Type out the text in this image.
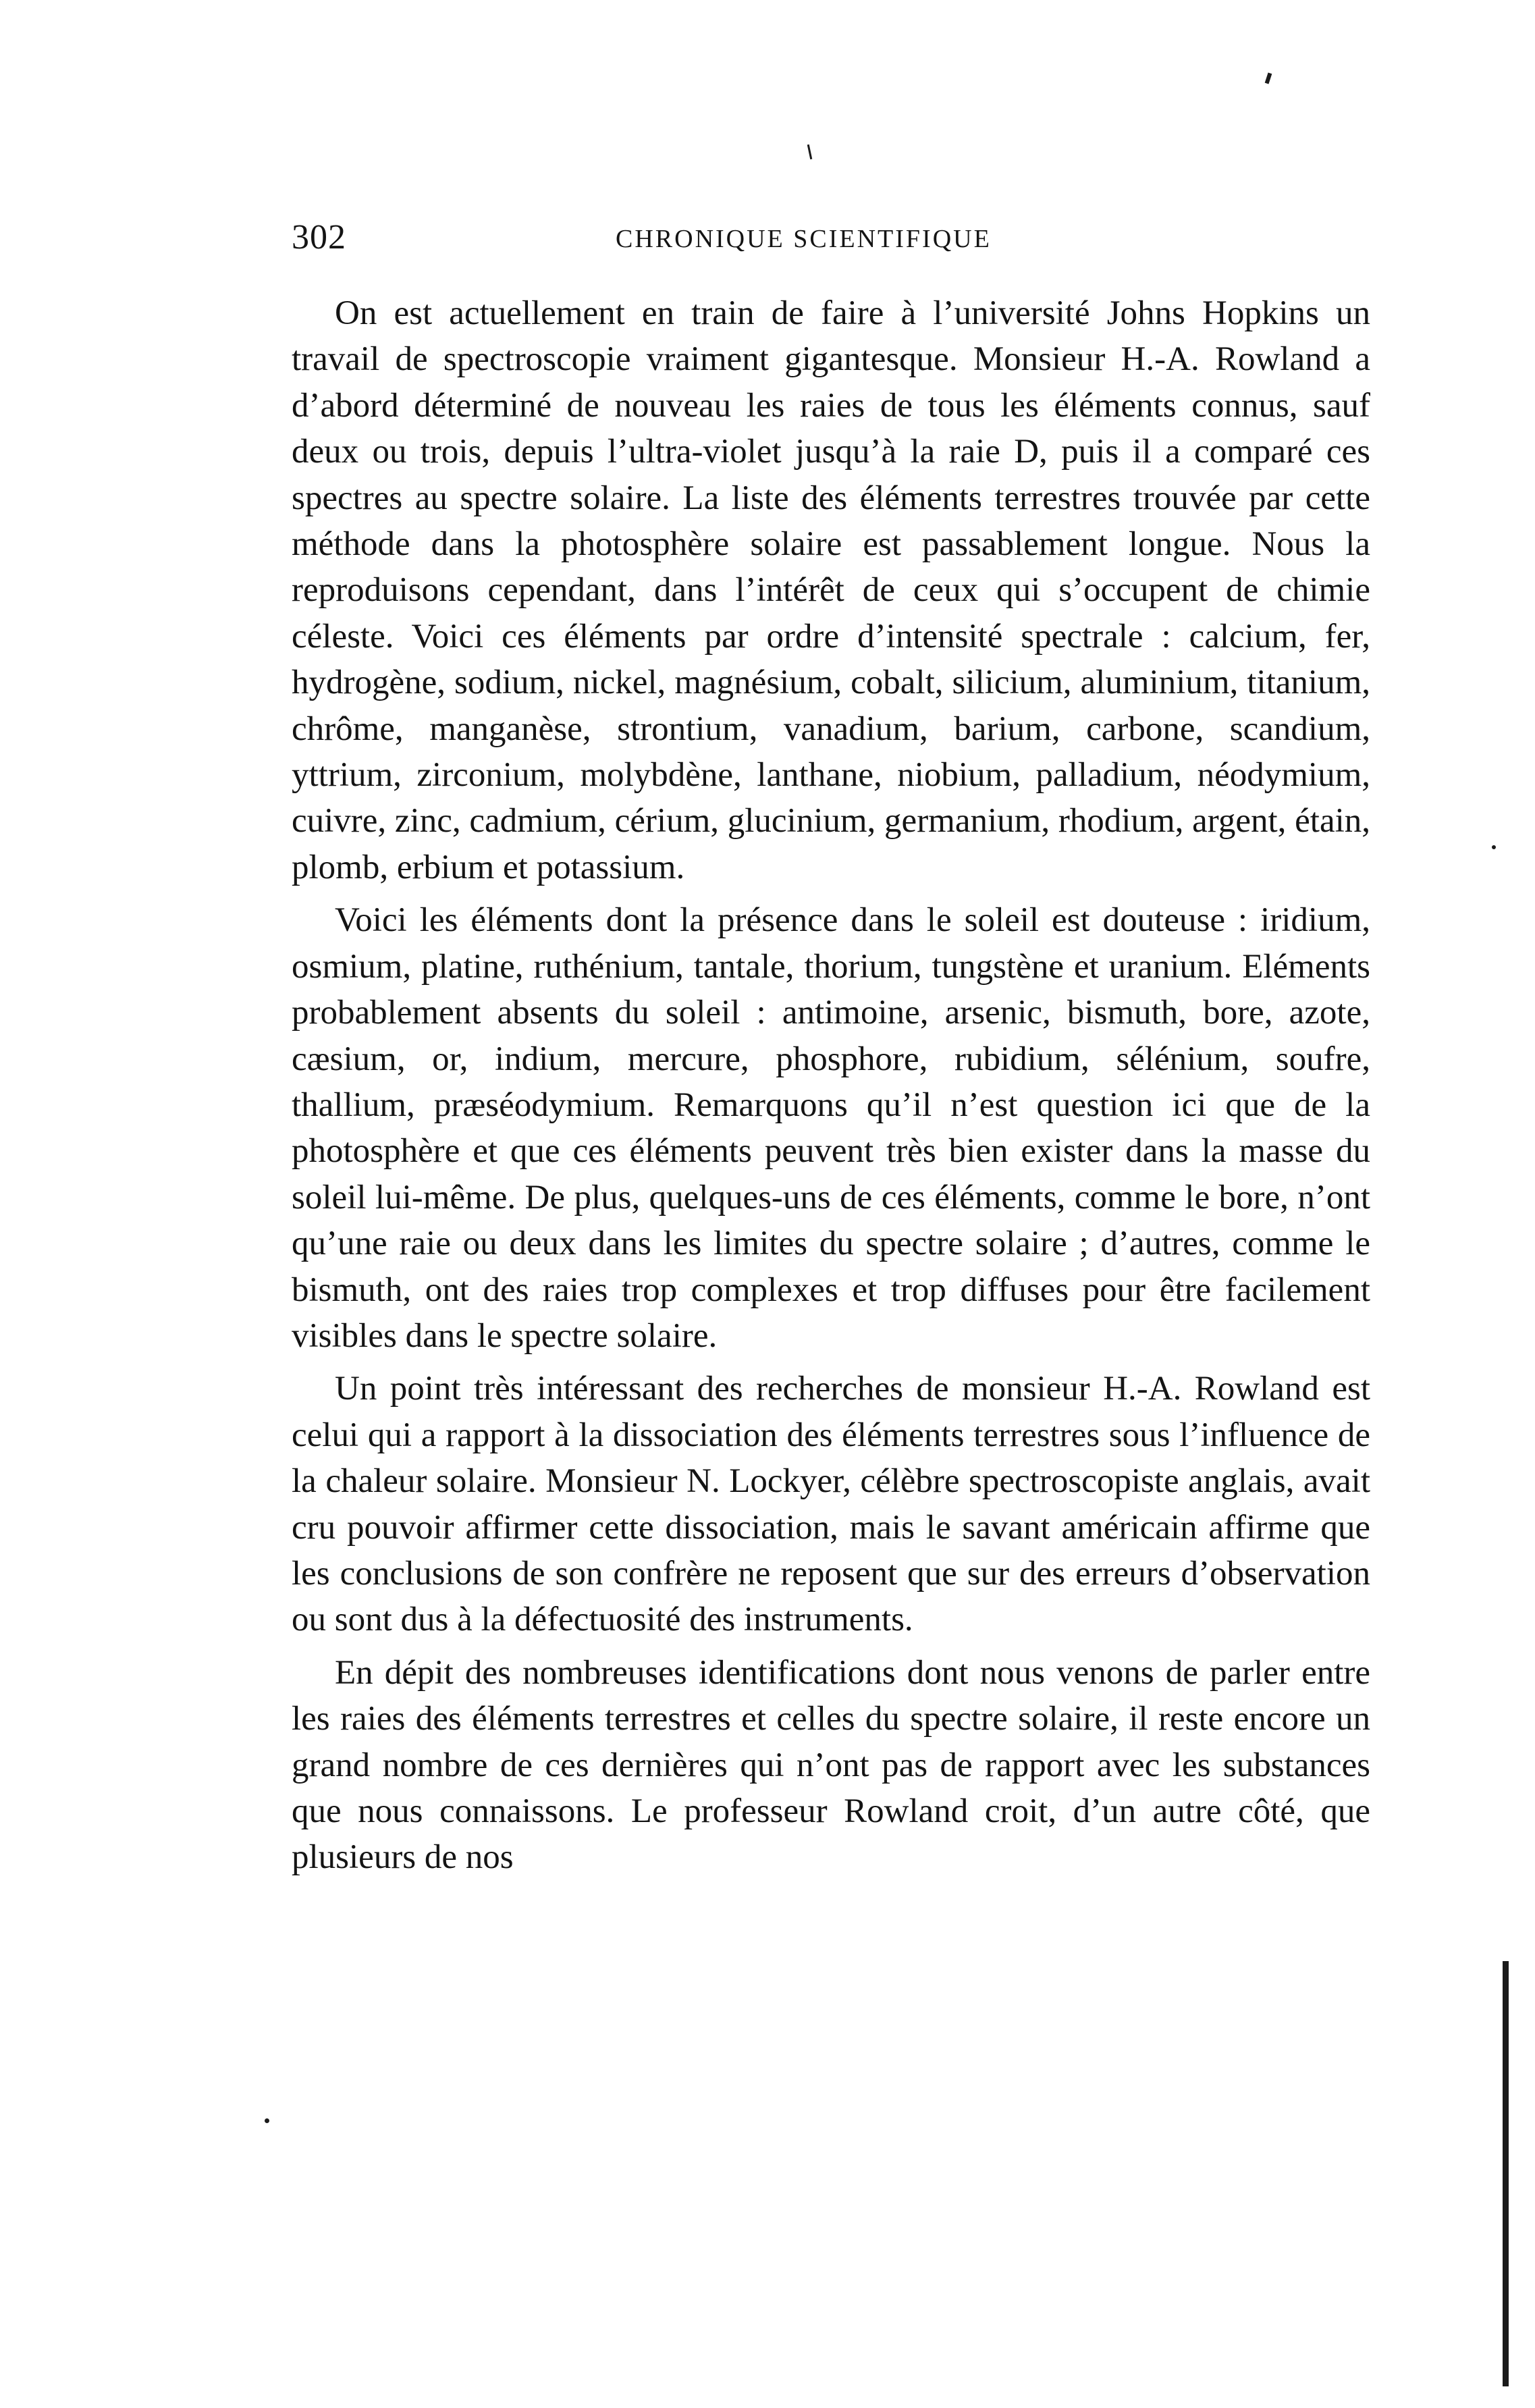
302	CHRONIQUE SCIENTIFIQUE

On est actuellement en train de faire à l’université Johns Hopkins un travail de spectroscopie vraiment gigantesque. Monsieur H.-A. Rowland a d’abord déterminé de nouveau les raies de tous les éléments connus, sauf deux ou trois, depuis l’ultra-violet jusqu’à la raie D, puis il a comparé ces spectres au spectre solaire. La liste des éléments terrestres trouvée par cette méthode dans la photosphère solaire est passablement longue. Nous la reproduisons cependant, dans l’intérêt de ceux qui s’occupent de chimie céleste. Voici ces éléments par ordre d’intensité spectrale : calcium, fer, hydrogène, sodium, nickel, magnésium, cobalt, silicium, aluminium, titanium, chrôme, manganèse, strontium, vanadium, barium, carbone, scandium, yttrium, zirconium, molybdène, lanthane, niobium, palladium, néodymium, cuivre, zinc, cadmium, cérium, glucinium, germanium, rhodium, argent, étain, plomb, erbium et potassium.

Voici les éléments dont la présence dans le soleil est douteuse : iridium, osmium, platine, ruthénium, tantale, thorium, tungstène et uranium. Eléments probablement absents du soleil : antimoine, arsenic, bismuth, bore, azote, cæsium, or, indium, mercure, phosphore, rubidium, sélénium, soufre, thallium, præséodymium. Remarquons qu’il n’est question ici que de la photosphère et que ces éléments peuvent très bien exister dans la masse du soleil lui-même. De plus, quelques-uns de ces éléments, comme le bore, n’ont qu’une raie ou deux dans les limites du spectre solaire ; d’autres, comme le bismuth, ont des raies trop complexes et trop diffuses pour être facilement visibles dans le spectre solaire.

Un point très intéressant des recherches de monsieur H.-A. Rowland est celui qui a rapport à la dissociation des éléments terrestres sous l’influence de la chaleur solaire. Monsieur N. Lockyer, célèbre spectroscopiste anglais, avait cru pouvoir affirmer cette dissociation, mais le savant américain affirme que les conclusions de son confrère ne reposent que sur des erreurs d’observation ou sont dus à la défectuosité des instruments.

En dépit des nombreuses identifications dont nous venons de parler entre les raies des éléments terrestres et celles du spectre solaire, il reste encore un grand nombre de ces dernières qui n’ont pas de rapport avec les substances que nous connaissons. Le professeur Rowland croit, d’un autre côté, que plusieurs de nos
